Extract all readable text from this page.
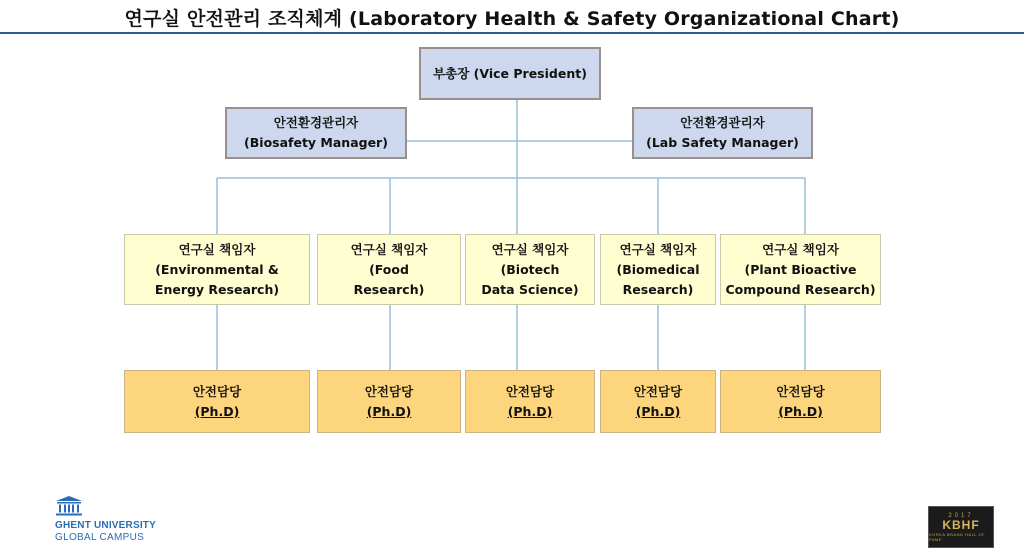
연구실 안전관리 조직체계 (Laboratory Health & Safety Organizational Chart)
부총장 (Vice President)
안전환경관리자
(Biosafety Manager)
안전환경관리자
(Lab Safety Manager)
연구실 책임자
(Environmental &
Energy Research)
연구실 책임자
(Food
Research)
연구실 책임자
(Biotech
Data Science)
연구실 책임자
(Biomedical
Research)
연구실 책임자
(Plant Bioactive
Compound Research)
안전담당
(Ph.D)
안전담당
(Ph.D)
안전담당
(Ph.D)
안전담당
(Ph.D)
안전담당
(Ph.D)
GHENT UNIVERSITY
GLOBAL CAMPUS
2017
KBHF
KOREA BRAND HALL OF FAME
